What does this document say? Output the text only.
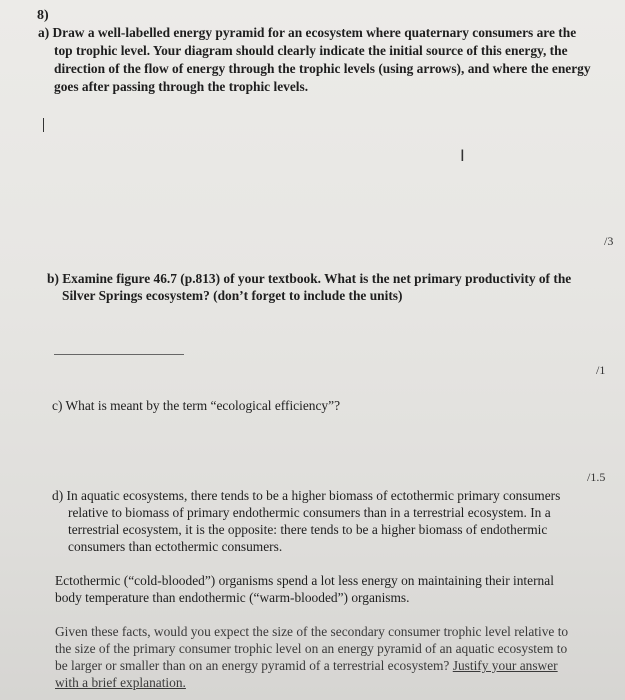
8)
a) Draw a well-labelled energy pyramid for an ecosystem where quaternary consumers are the
top trophic level. Your diagram should clearly indicate the initial source of this energy, the
direction of the flow of energy through the trophic levels (using arrows), and where the energy
goes after passing through the trophic levels.
I
/3
b) Examine figure 46.7 (p.813) of your textbook. What is the net primary productivity of the
Silver Springs ecosystem? (don’t forget to include the units)
/1
c) What is meant by the term “ecological efficiency”?
/1.5
d) In aquatic ecosystems, there tends to be a higher biomass of ectothermic primary consumers
relative to biomass of primary endothermic consumers than in a terrestrial ecosystem. In a
terrestrial ecosystem, it is the opposite: there tends to be a higher biomass of endothermic
consumers than ectothermic consumers.
Ectothermic (“cold-blooded”) organisms spend a lot less energy on maintaining their internal
body temperature than endothermic (“warm-blooded”) organisms.
Given these facts, would you expect the size of the secondary consumer trophic level relative to
the size of the primary consumer trophic level on an energy pyramid of an aquatic ecosystem to
be larger or smaller than on an energy pyramid of a terrestrial ecosystem? Justify your answer
with a brief explanation.
